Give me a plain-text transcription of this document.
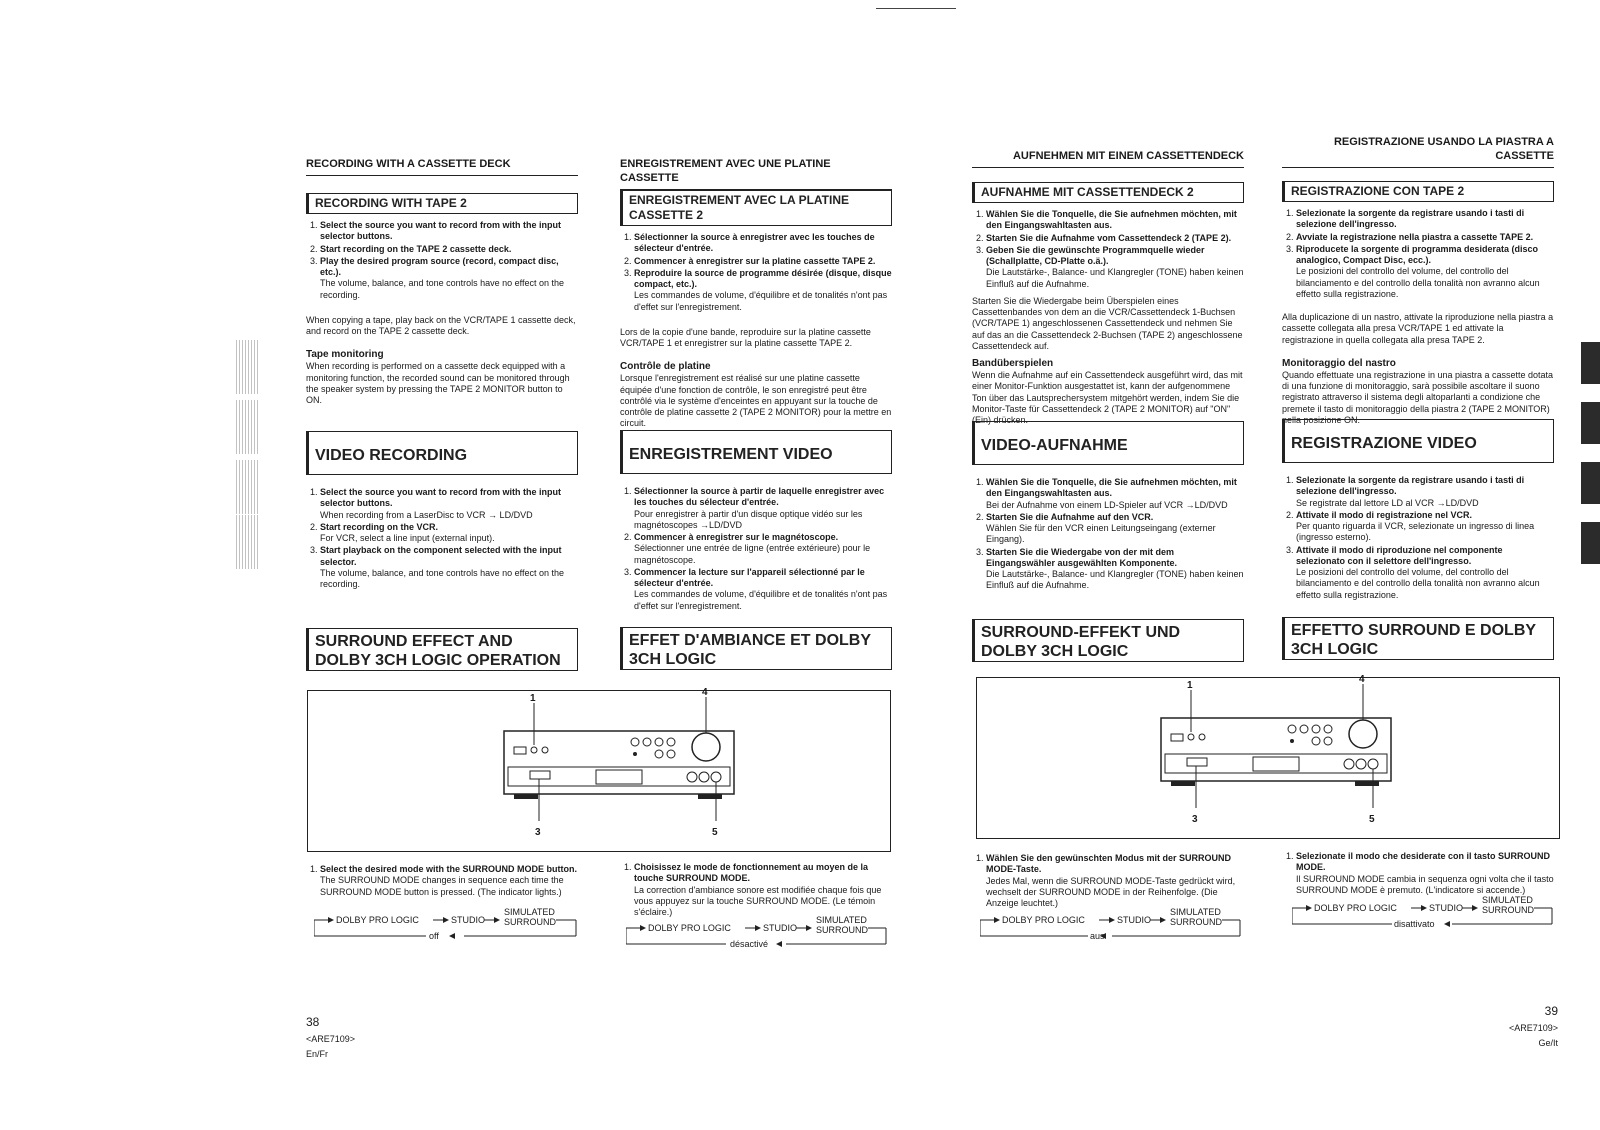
RECORDING WITH A CASSETTE DECK
RECORDING WITH TAPE 2
1. Select the source you want to record from with the input selector buttons.
2. Start recording on the TAPE 2 cassette deck.
3. Play the desired program source (record, compact disc, etc.).
The volume, balance, and tone controls have no effect on the recording.

When copying a tape, play back on the VCR/TAPE 1 cassette deck, and record on the TAPE 2 cassette deck.

Tape monitoring

When recording is performed on a cassette deck equipped with a monitoring function, the recorded sound can be monitored through the speaker system by pressing the TAPE 2 MONITOR button to ON.

VIDEO RECORDING
1. Select the source you want to record from with the input selector buttons.
When recording from a LaserDisc to VCR → LD/DVD
2. Start recording on the VCR.
For VCR, select a line input (external input).
3. Start playback on the component selected with the input selector.
The volume, balance, and tone controls have no effect on the recording.
SURROUND EFFECT AND DOLBY 3CH LOGIC OPERATION
1. Select the desired mode with the SURROUND MODE button.
The SURROUND MODE changes in sequence each time the SURROUND MODE button is pressed. (The indicator lights.)
DOLBY PRO LOGIC	STUDIO
SIMULATED
SURROUND
off
ENREGISTREMENT AVEC UNE PLATINE CASSETTE
ENREGISTREMENT AVEC LA PLATINE CASSETTE 2
1. Sélectionner la source à enregistrer avec les touches de sélecteur d'entrée.
2. Commencer à enregistrer sur la platine cassette TAPE 2.
3. Reproduire la source de programme désirée (disque, disque compact, etc.).
Les commandes de volume, d'équilibre et de tonalités n'ont pas d'effet sur l'enregistrement.

Lors de la copie d'une bande, reproduire sur la platine cassette VCR/TAPE 1 et enregistrer sur la platine cassette TAPE 2.

Contrôle de platine

Lorsque l'enregistrement est réalisé sur une platine cassette équipée d'une fonction de contrôle, le son enregistré peut être contrôlé via le système d'enceintes en appuyant sur la touche de contrôle de platine cassette 2 (TAPE 2 MONITOR) pour la mettre en circuit.

ENREGISTREMENT VIDEO
1. Sélectionner la source à partir de laquelle enregistrer avec les touches du sélecteur d'entrée.
Pour enregistrer à partir d'un disque optique vidéo sur les magnétoscopes →LD/DVD
2. Commencer à enregistrer sur le magnétoscope.
Sélectionner une entrée de ligne (entrée extérieure) pour le magnétoscope.
3. Commencer la lecture sur l'appareil sélectionné par le sélecteur d'entrée.
Les commandes de volume, d'équilibre et de tonalités n'ont pas d'effet sur l'enregistrement.
EFFET D'AMBIANCE ET DOLBY 3CH LOGIC
1. Choisissez le mode de fonctionnement au moyen de la touche SURROUND MODE.
La correction d'ambiance sonore est modifiée chaque fois que vous appuyez sur la touche SURROUND MODE. (Le témoin s'éclaire.)
DOLBY PRO LOGIC	STUDIO
SIMULATED
SURROUND
désactivé
AUFNEHMEN MIT EINEM CASSETTENDECK
AUFNAHME MIT CASSETTENDECK 2
1. Wählen Sie die Tonquelle, die Sie aufnehmen möchten, mit den Eingangswahltasten aus.
2. Starten Sie die Aufnahme vom Cassettendeck 2 (TAPE 2).
3. Geben Sie die gewünschte Programmquelle wieder (Schallplatte, CD-Platte o.ä.).
Die Lautstärke-, Balance- und Klangregler (TONE) haben keinen Einfluß auf die Aufnahme.

Starten Sie die Wiedergabe beim Überspielen eines Cassettenbandes von dem an die VCR/Cassettendeck 1-Buchsen (VCR/TAPE 1) angeschlossenen Cassettendeck und nehmen Sie auf das an die Cassettendeck 2-Buchsen (TAPE 2) angeschlossene Cassettendeck auf.

Bandüberspielen

Wenn die Aufnahme auf ein Cassettendeck ausgeführt wird, das mit einer Monitor-Funktion ausgestattet ist, kann der aufgenommene Ton über das Lautsprechersystem mitgehört werden, indem Sie die Monitor-Taste für Cassettendeck 2 (TAPE 2 MONITOR) auf "ON" (Ein) drücken.

VIDEO-AUFNAHME
1. Wählen Sie die Tonquelle, die Sie aufnehmen möchten, mit den Eingangswahltasten aus.
Bei der Aufnahme von einem LD-Spieler auf VCR →LD/DVD
2. Starten Sie die Aufnahme auf den VCR.
Wählen Sie für den VCR einen Leitungseingang (externer Eingang).
3. Starten Sie die Wiedergabe von der mit dem Eingangswähler ausgewählten Komponente.
Die Lautstärke-, Balance- und Klangregler (TONE) haben keinen Einfluß auf die Aufnahme.
SURROUND-EFFEKT UND DOLBY 3CH LOGIC
1. Wählen Sie den gewünschten Modus mit der SURROUND MODE-Taste.
Jedes Mal, wenn die SURROUND MODE-Taste gedrückt wird, wechselt der SURROUND MODE in der Reihenfolge. (Die Anzeige leuchtet.)
DOLBY PRO LOGIC	STUDIO
SIMULATED
SURROUND
aus
REGISTRAZIONE USANDO LA PIASTRA A CASSETTE
REGISTRAZIONE CON TAPE 2
1. Selezionate la sorgente da registrare usando i tasti di selezione dell'ingresso.
2. Avviate la registrazione nella piastra a cassette TAPE 2.
3. Riproducete la sorgente di programma desiderata (disco analogico, Compact Disc, ecc.).
Le posizioni del controllo del volume, del controllo del bilanciamento e del controllo della tonalità non avranno alcun effetto sulla registrazione.

Alla duplicazione di un nastro, attivate la riproduzione nella piastra a cassette collegata alla presa VCR/TAPE 1 ed attivate la registrazione in quella collegata alla presa TAPE 2.

Monitoraggio del nastro

Quando effettuate una registrazione in una piastra a cassette dotata di una funzione di monitoraggio, sarà possibile ascoltare il suono registrato attraverso il sistema degli altoparlanti a condizione che premete il tasto di monitoraggio della piastra 2 (TAPE 2 MONITOR) nella posizione ON.

REGISTRAZIONE VIDEO
1. Selezionate la sorgente da registrare usando i tasti di selezione dell'ingresso.
Se registrate dal lettore LD al VCR →LD/DVD
2. Attivate il modo di registrazione nel VCR.
Per quanto riguarda il VCR, selezionate un ingresso di linea (ingresso esterno).
3. Attivate il modo di riproduzione nel componente selezionato con il selettore dell'ingresso.
Le posizioni del controllo del volume, del controllo del bilanciamento e del controllo della tonalità non avranno alcun effetto sulla registrazione.
EFFETTO SURROUND E DOLBY 3CH LOGIC
1. Selezionate il modo che desiderate con il tasto SURROUND MODE.
Il SURROUND MODE cambia in sequenza ogni volta che il tasto SURROUND MODE è premuto. (L'indicatore si accende.)
DOLBY PRO LOGIC	STUDIO
SIMULATED
SURROUND
disattivato
1
4
3	5
1
4
3	5
38
<ARE7109>
En/Fr
39
<ARE7109>
Ge/It
